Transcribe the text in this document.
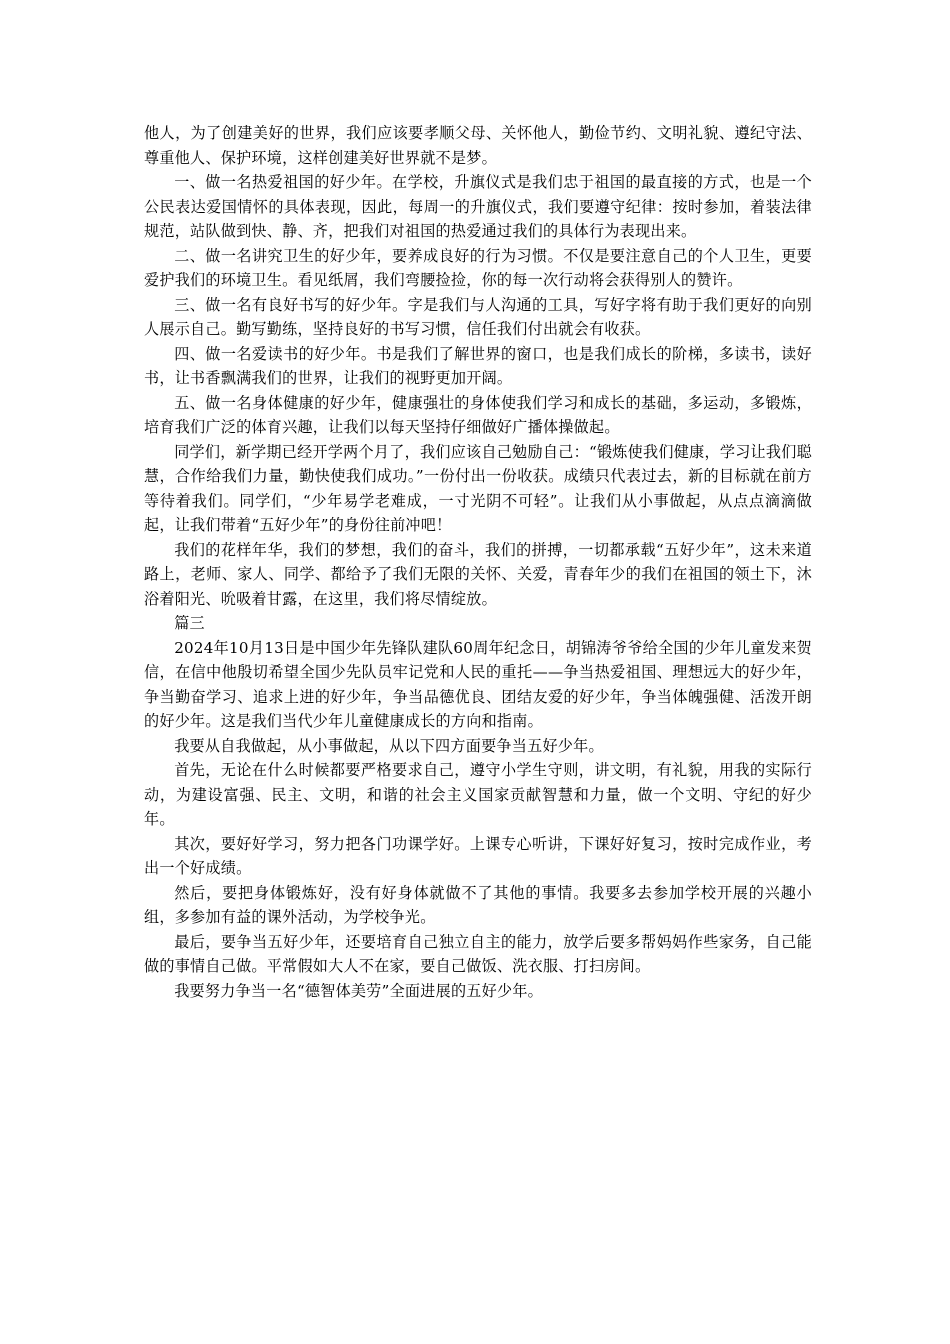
他人，为了创建美好的世界，我们应该要孝顺父母、关怀他人，勤俭节约、文明礼貌、遵纪守法、尊重他人、保护环境，这样创建美好世界就不是梦。

一、做一名热爱祖国的好少年。在学校，升旗仪式是我们忠于祖国的最直接的方式，也是一个公民表达爱国情怀的具体表现，因此，每周一的升旗仪式，我们要遵守纪律：按时参加，着装法律规范，站队做到快、静、齐，把我们对祖国的热爱通过我们的具体行为表现出来。

二、做一名讲究卫生的好少年，要养成良好的行为习惯。不仅是要注意自己的个人卫生，更要爱护我们的环境卫生。看见纸屑，我们弯腰捡捡，你的每一次行动将会获得别人的赞许。

三、做一名有良好书写的好少年。字是我们与人沟通的工具，写好字将有助于我们更好的向别人展示自己。勤写勤练，坚持良好的书写习惯，信任我们付出就会有收获。

四、做一名爱读书的好少年。书是我们了解世界的窗口，也是我们成长的阶梯，多读书，读好书，让书香飘满我们的世界，让我们的视野更加开阔。

五、做一名身体健康的好少年，健康强壮的身体使我们学习和成长的基础，多运动，多锻炼，培育我们广泛的体育兴趣，让我们以每天坚持仔细做好广播体操做起。

同学们，新学期已经开学两个月了，我们应该自己勉励自己：“锻炼使我们健康，学习让我们聪慧，合作给我们力量，勤快使我们成功。”一份付出一份收获。成绩只代表过去，新的目标就在前方等待着我们。同学们，“少年易学老难成，一寸光阴不可轻”。让我们从小事做起，从点点滴滴做起，让我们带着“五好少年”的身份往前冲吧！

我们的花样年华，我们的梦想，我们的奋斗，我们的拼搏，一切都承载“五好少年”，这未来道路上，老师、家人、同学、都给予了我们无限的关怀、关爱，青春年少的我们在祖国的领土下，沐浴着阳光、吮吸着甘露，在这里，我们将尽情绽放。

篇三

2024年10月13日是中国少年先锋队建队60周年纪念日，胡锦涛爷爷给全国的少年儿童发来贺信，在信中他殷切希望全国少先队员牢记党和人民的重托——争当热爱祖国、理想远大的好少年，争当勤奋学习、追求上进的好少年，争当品德优良、团结友爱的好少年，争当体魄强健、活泼开朗的好少年。这是我们当代少年儿童健康成长的方向和指南。

我要从自我做起，从小事做起，从以下四方面要争当五好少年。

首先，无论在什么时候都要严格要求自己，遵守小学生守则，讲文明，有礼貌，用我的实际行动，为建设富强、民主、文明，和谐的社会主义国家贡献智慧和力量，做一个文明、守纪的好少年。

其次，要好好学习，努力把各门功课学好。上课专心听讲，下课好好复习，按时完成作业，考出一个好成绩。

然后，要把身体锻炼好，没有好身体就做不了其他的事情。我要多去参加学校开展的兴趣小组，多参加有益的课外活动，为学校争光。

最后，要争当五好少年，还要培育自己独立自主的能力，放学后要多帮妈妈作些家务，自己能做的事情自己做。平常假如大人不在家，要自己做饭、洗衣服、打扫房间。

我要努力争当一名“德智体美劳”全面进展的五好少年。
